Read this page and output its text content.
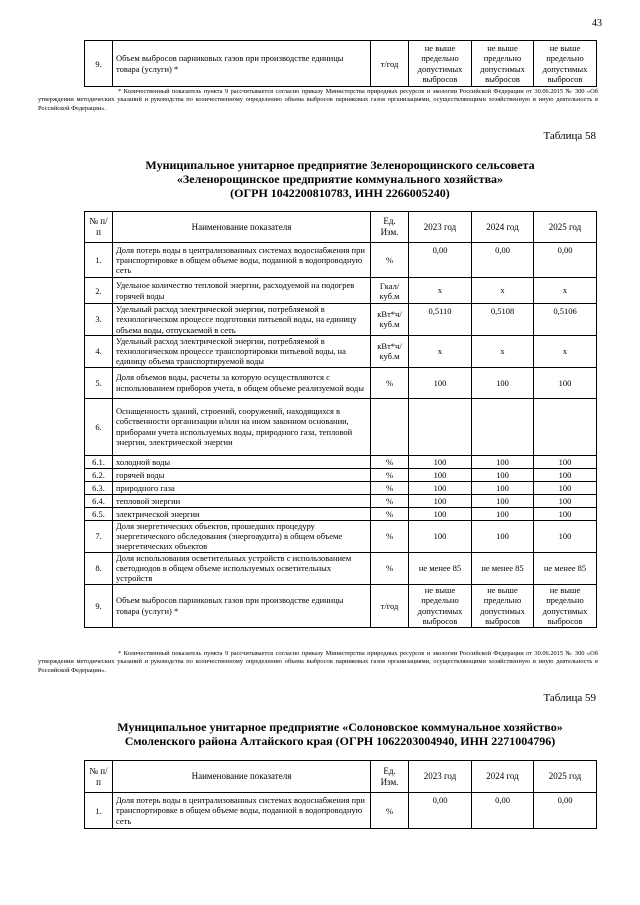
43
9.	Объем выбросов парниковых газов при производстве единицы товара (услуги) *	т/год	не выше предельно допустимых выбросов	не выше предельно допустимых выбросов	не выше предельно допустимых выбросов
* Количественный показатель пункта 9 рассчитывается согласно приказу Министерства природных ресурсов и экологии Российской Федерации от 30.06.2015 № 300 «Об утверждении методических указаний и руководства по количественному определению объема выбросов парниковых газов организациями, осуществляющими хозяйственную и иную деятельность в Российской Федерации».
Таблица 58
Муниципальное унитарное предприятие Зеленорощинского сельсовета
«Зеленорощинское предприятие коммунального хозяйства»
(ОГРН 1042200810783, ИНН 2266005240)
№ п/п	Наименование показателя	Ед. Изм.	2023 год	2024 год	2025 год
1.	Доля потерь воды в централизованных системах водоснабжения при транспортировке в общем объеме воды, поданной в водопроводную сеть	%	0,00	0,00	0,00
2.	Удельное количество тепловой энергии, расходуемой на подогрев горячей воды	Гкал/ куб.м	х	х	х
3.	Удельный расход электрической энергии, потребляемой в технологическом процессе подготовки питьевой воды, на единицу объема воды, отпускаемой в сеть	кВт*ч/ куб.м	0,5110	0,5108	0,5106
4.	Удельный расход электрической энергии, потребляемой в технологическом процессе транспортировки питьевой воды, на единицу объема транспортируемой воды	кВт*ч/ куб.м	х	х	х
5.	Доля объемов воды, расчеты за которую осуществляются с использованием приборов учета, в общем объеме реализуемой воды	%	100	100	100
6.	Оснащенность зданий, строений, сооружений, находящихся в собственности организации и/или на ином законном основании, приборами учета используемых воды, природного газа, тепловой энергии, электрической энергии				
6.1.	холодной воды	%	100	100	100
6.2.	горячей воды	%	100	100	100
6.3.	природного газа	%	100	100	100
6.4.	тепловой энергии	%	100	100	100
6.5.	электрической энергии	%	100	100	100
7.	Доля энергетических объектов, прошедших процедуру энергетического обследования (энергоаудита) в общем объеме энергетических объектов	%	100	100	100
8.	Доля использования осветительных устройств с использованием светодиодов в общем объеме используемых осветительных устройств	%	не менее 85	не менее 85	не менее 85
9.	Объем выбросов парниковых газов при производстве единицы товара (услуги) *	т/год	не выше предельно допустимых выбросов	не выше предельно допустимых выбросов	не выше предельно допустимых выбросов
* Количественный показатель пункта 9 рассчитывается согласно приказу Министерства природных ресурсов и экологии Российской Федерации от 30.06.2015 № 300 «Об утверждении методических указаний и руководства по количественному определению объема выбросов парниковых газов организациями, осуществляющими хозяйственную и иную деятельность в Российской Федерации».
Таблица 59
Муниципальное унитарное предприятие «Солоновское коммунальное хозяйство»
Смоленского района Алтайского края (ОГРН 1062203004940, ИНН 2271004796)
№ п/п	Наименование показателя	Ед. Изм.	2023 год	2024 год	2025 год
1.	Доля потерь воды в централизованных системах водоснабжения при транспортировке в общем объеме воды, поданной в водопроводную сеть	%	0,00	0,00	0,00
